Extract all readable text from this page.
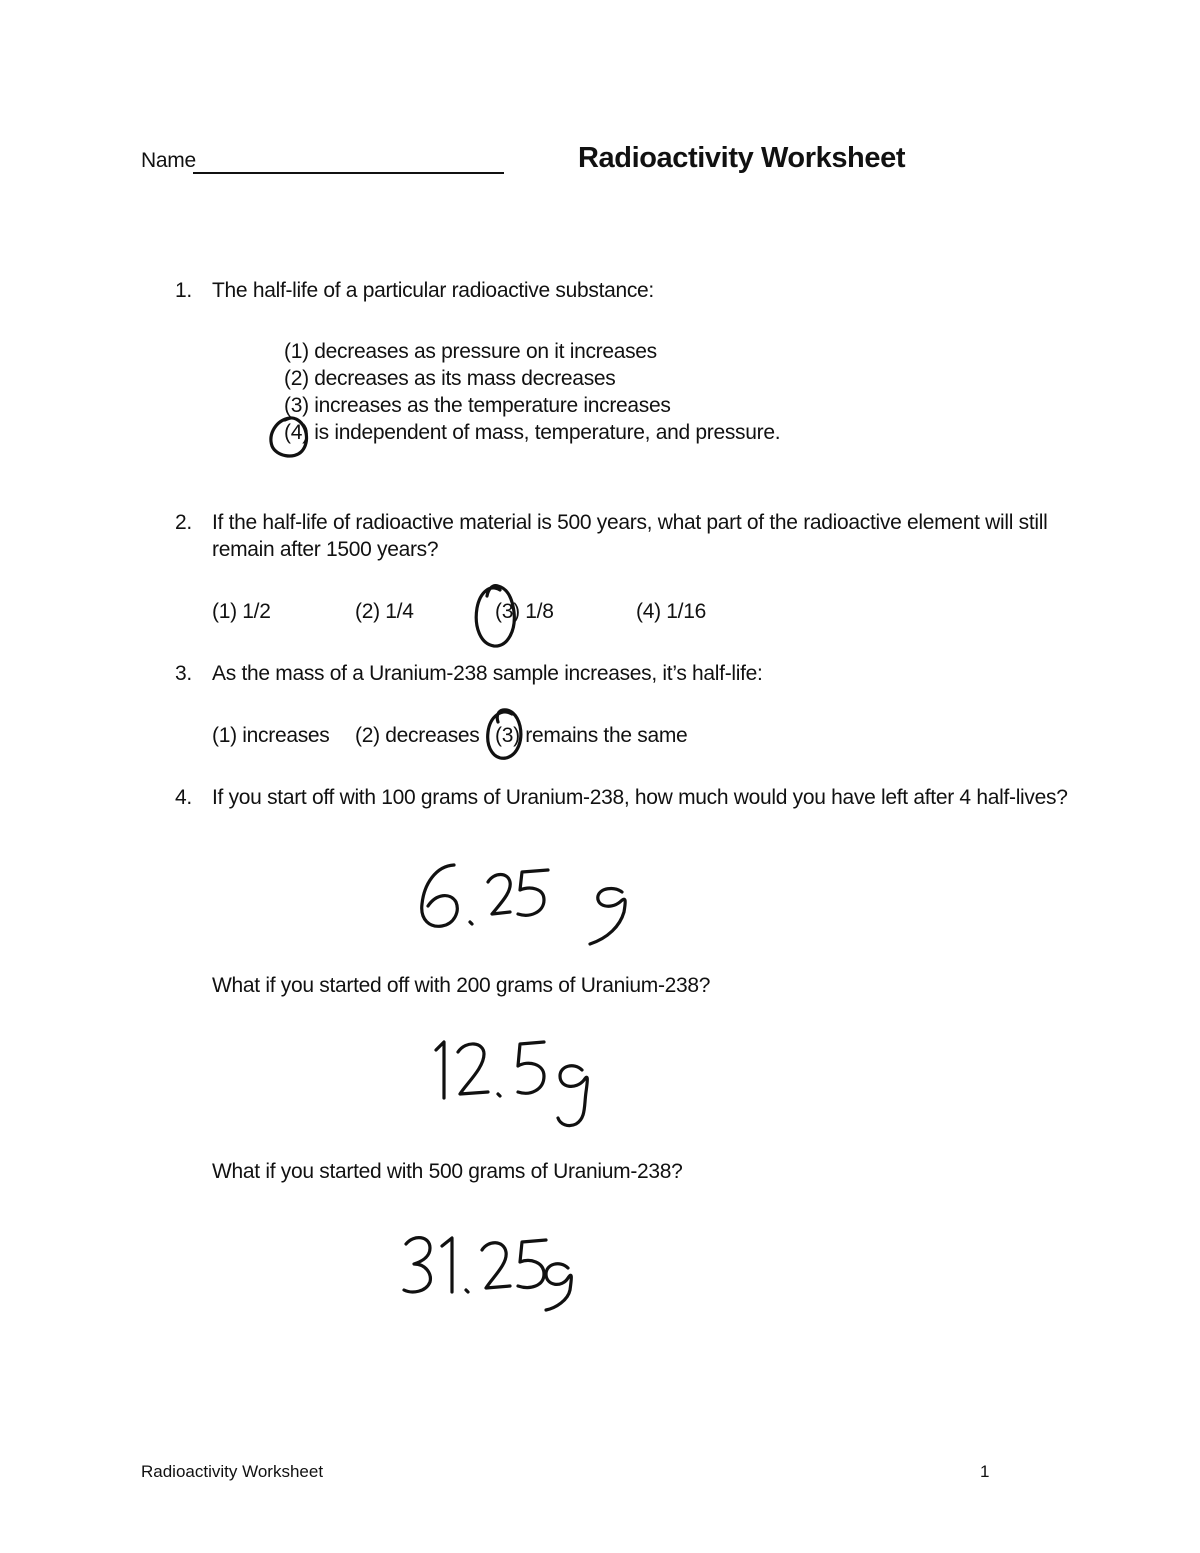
Name	Radioactivity Worksheet
1. The half-life of a particular radioactive substance:
(1) decreases as pressure on it increases
(2) decreases as its mass decreases
(3) increases as the temperature increases
(4) is independent of mass, temperature, and pressure.
2. If the half-life of radioactive material is 500 years, what part of the radioactive element will still
remain after 1500 years?
(1) 1/2	(2) 1/4	(3) 1/8	(4) 1/16
3. As the mass of a Uranium-238 sample increases, it’s half-life:
(1) increases (2) decreases (3) remains the same
4. If you start off with 100 grams of Uranium-238, how much would you have left after 4 half-lives?
What if you started off with 200 grams of Uranium-238?
What if you started with 500 grams of Uranium-238?
Radioactivity Worksheet	1
